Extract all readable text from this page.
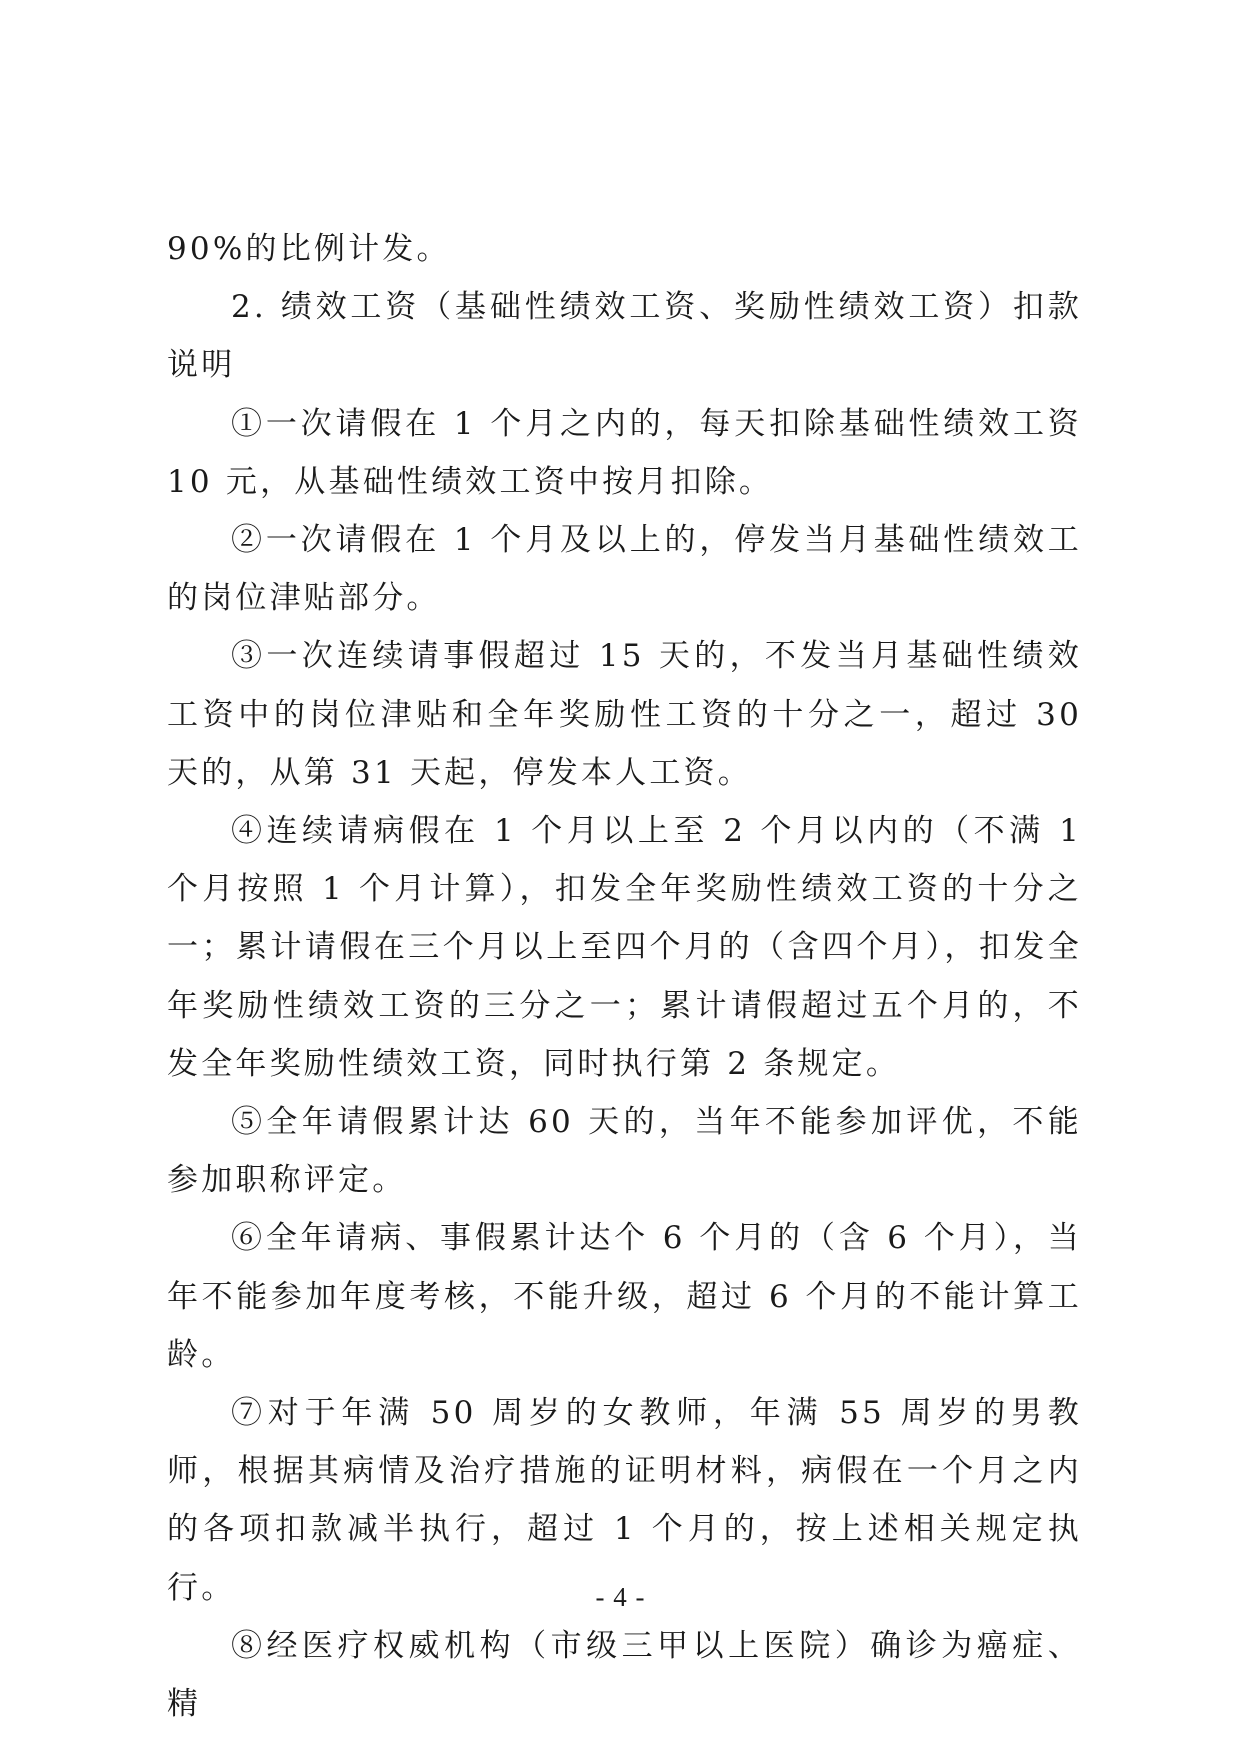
90%的比例计发。

2. 绩效工资（基础性绩效工资、奖励性绩效工资）扣款说明

①一次请假在 1 个月之内的，每天扣除基础性绩效工资 10 元，从基础性绩效工资中按月扣除。

②一次请假在 1 个月及以上的，停发当月基础性绩效工的岗位津贴部分。

③一次连续请事假超过 15 天的，不发当月基础性绩效工资中的岗位津贴和全年奖励性工资的十分之一，超过 30 天的，从第 31 天起，停发本人工资。

④连续请病假在 1 个月以上至 2 个月以内的（不满 1 个月按照 1 个月计算），扣发全年奖励性绩效工资的十分之一；累计请假在三个月以上至四个月的（含四个月），扣发全年奖励性绩效工资的三分之一；累计请假超过五个月的，不发全年奖励性绩效工资，同时执行第 2 条规定。

⑤全年请假累计达 60 天的，当年不能参加评优，不能参加职称评定。

⑥全年请病、事假累计达个 6 个月的（含 6 个月），当年不能参加年度考核，不能升级，超过 6 个月的不能计算工龄。

⑦对于年满 50 周岁的女教师，年满 55 周岁的男教师，根据其病情及治疗措施的证明材料，病假在一个月之内的各项扣款减半执行，超过 1 个月的，按上述相关规定执行。

⑧经医疗权威机构（市级三甲以上医院）确诊为癌症、精

- 4 -
